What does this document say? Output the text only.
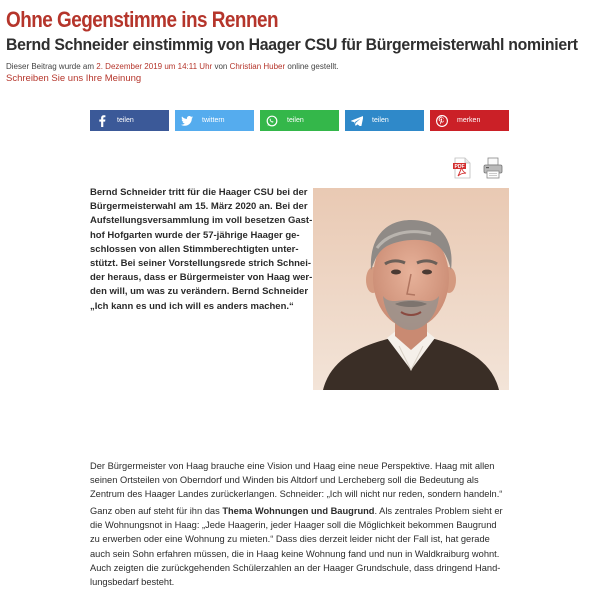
Ohne Gegenstimme ins Rennen
Bernd Schneider einstimmig von Haager CSU für Bürgermeisterwahl nominiert
Dieser Beitrag wurde am 2. Dezember 2019 um 14:11 Uhr von Christian Huber online gestellt.
Schreiben Sie uns Ihre Meinung
teilen	twittern	teilen	teilen	merken
PDF

Bernd Schneider tritt für die Haager CSU bei der

Bürgermeisterwahl am 15. März 2020 an. Bei der

Aufstellungsversammlung im voll besetzen Gast-

hof Hofgarten wurde der 57-jährige Haager ge-

schlossen von allen Stimmberechtigten unter-

stützt. Bei seiner Vorstellungsrede strich Schnei-

der heraus, dass er Bürgermeister von Haag wer-

den will, um was zu verändern. Bernd Schneider

„Ich kann es und ich will es anders machen.“

Der Bürgermeister von Haag brauche eine Vision und Haag eine neue Perspektive. Haag mit allen

seinen Ortsteilen von Oberndorf und Winden bis Altdorf und Lercheberg soll die Bedeutung als

Zentrum des Haager Landes zurückerlangen. Schneider: „Ich will nicht nur reden, sondern handeln.“

Ganz oben auf steht für ihn das Thema Wohnungen und Baugrund. Als zentrales Problem sieht er

die Wohnungsnot in Haag: „Jede Haagerin, jeder Haager soll die Möglichkeit bekommen Baugrund

zu erwerben oder eine Wohnung zu mieten.“ Dass dies derzeit leider nicht der Fall ist, hat gerade

auch sein Sohn erfahren müssen, die in Haag keine Wohnung fand und nun in Waldkraiburg wohnt.

Auch zeigten die zurückgehenden Schülerzahlen an der Haager Grundschule, dass dringend Hand-

lungsbedarf besteht.
